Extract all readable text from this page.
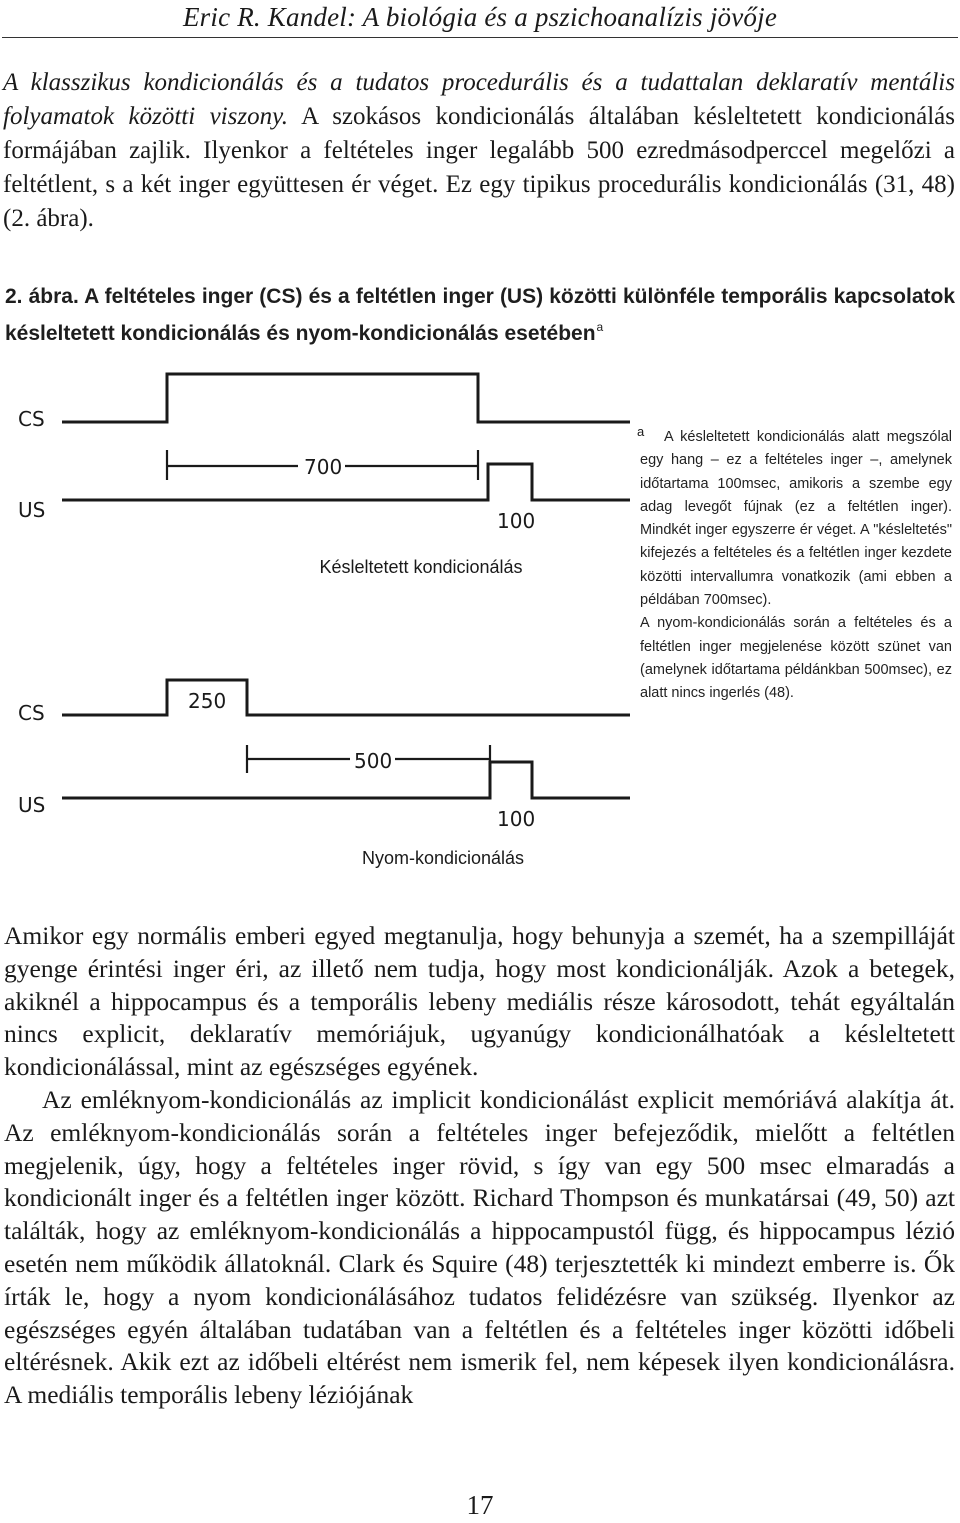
Eric R. Kandel: A biológia és a pszichoanalízis jövője

A klasszikus kondicionálás és a tudatos procedurális és a tudattalan deklaratív mentális folyamatok közötti viszony. A szokásos kondicionálás általában késleltetett kondicionálás formájában zajlik. Ilyenkor a feltételes inger legalább 500 ezredmásodperccel megelőzi a feltétlent, s a két inger együttesen ér véget. Ez egy tipikus procedurális kondicionálás (31, 48) (2. ábra).

2. ábra. A feltételes inger (CS) és a feltétlen inger (US) közötti különféle temporális kapcsolatok késleltetett kondicionálás és nyom-kondicionálás esetében$^a$

CS
US
700
100
CS	250
US
500
100
Késleltetett kondicionálás
Nyom-kondicionálás
a	A késleltetett kondicionálás alatt megszólal egy hang – ez a feltételes inger –, amelynek időtartama 100msec, amikoris a szembe egy adag levegőt fújnak (ez a feltétlen inger). Mindkét inger egyszerre ér véget. A "késleltetés" kifejezés a feltételes és a feltétlen inger kezdete közötti intervallumra vonatkozik (ami ebben a példában 700msec).

A nyom-kondicionálás során a feltételes és a feltétlen inger megjelenése között szünet van (amelynek időtartama példánkban 500msec), ez alatt nincs ingerlés (48).

Amikor egy normális emberi egyed megtanulja, hogy behunyja a szemét, ha a szempilláját gyenge érintési inger éri, az illető nem tudja, hogy most kondicionálják. Azok a betegek, akiknél a hippocampus és a temporális lebeny mediális része károsodott, tehát egyáltalán nincs explicit, deklaratív memóriájuk, ugyanúgy kondicionálhatóak a késleltetett kondicionálással, mint az egészséges egyének.

Az emléknyom-kondicionálás az implicit kondicionálást explicit memóriává alakítja át. Az emléknyom-kondicionálás során a feltételes inger befejeződik, mielőtt a feltétlen megjelenik, úgy, hogy a feltételes inger rövid, s így van egy 500 msec elmaradás a kondicionált inger és a feltétlen inger között. Richard Thompson és munkatársai (49, 50) azt találták, hogy az emléknyom-kondicionálás a hippocampustól függ, és hippocampus lézió esetén nem működik állatoknál. Clark és Squire (48) terjesztették ki mindezt emberre is. Ők írták le, hogy a nyom kondicionálásához tudatos felidézésre van szükség. Ilyenkor az egészséges egyén általában tudatában van a feltétlen és a feltételes inger közötti időbeli eltérésnek. Akik ezt az időbeli eltérést nem ismerik fel, nem képesek ilyen kondicionálásra. A mediális temporális lebeny léziójának

17
